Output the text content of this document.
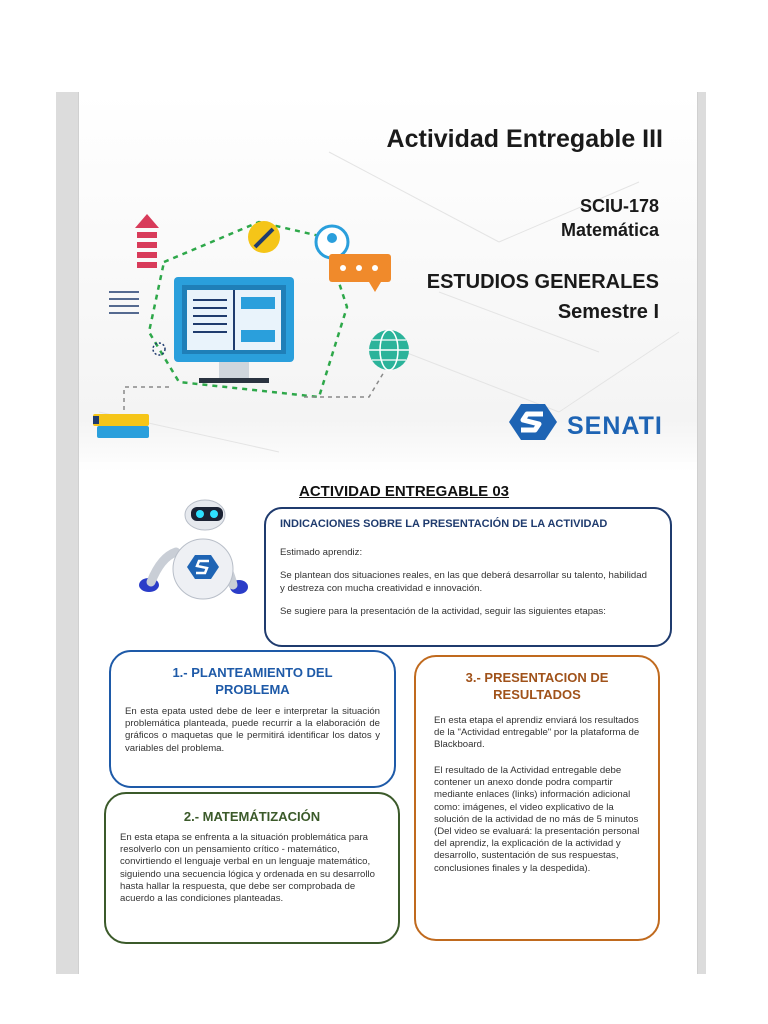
Actividad Entregable III
SCIU-178
Matemática
ESTUDIOS GENERALES
Semestre I
SENATI
ACTIVIDAD ENTREGABLE 03
INDICACIONES SOBRE LA PRESENTACIÓN DE LA ACTIVIDAD

Estimado aprendiz:

Se plantean dos situaciones reales, en las que deberá desarrollar su talento, habilidad y destreza con mucha creatividad e innovación.

Se sugiere para la presentación de la actividad, seguir las siguientes etapas:

1.- PLANTEAMIENTO DEL PROBLEMA

En esta epata usted debe de leer e interpretar la situación problemática planteada, puede recurrir a la elaboración de gráficos o maquetas que le permitirá identificar los datos y variables del problema.

2.- MATEMÁTIZACIÓN

En esta etapa se enfrenta a la situación problemática para resolverlo con un pensamiento crítico - matemático, convirtiendo el lenguaje verbal en un lenguaje matemático, siguiendo una secuencia lógica y ordenada en su desarrollo hasta hallar la respuesta, que debe ser comprobada de acuerdo a las condiciones planteadas.

3.- PRESENTACION DE RESULTADOS

En esta etapa el aprendiz enviará los resultados de la "Actividad entregable" por la plataforma de Blackboard.

El resultado de la Actividad entregable debe contener un anexo donde podra compartir mediante enlaces (links) información adicional como: imágenes, el video explicativo de la solución de la actividad de no más de 5 minutos (Del video se evaluará: la presentación personal del aprendiz, la explicación de la actividad y desarrollo, sustentación de sus respuestas, conclusiones finales y la despedida).
